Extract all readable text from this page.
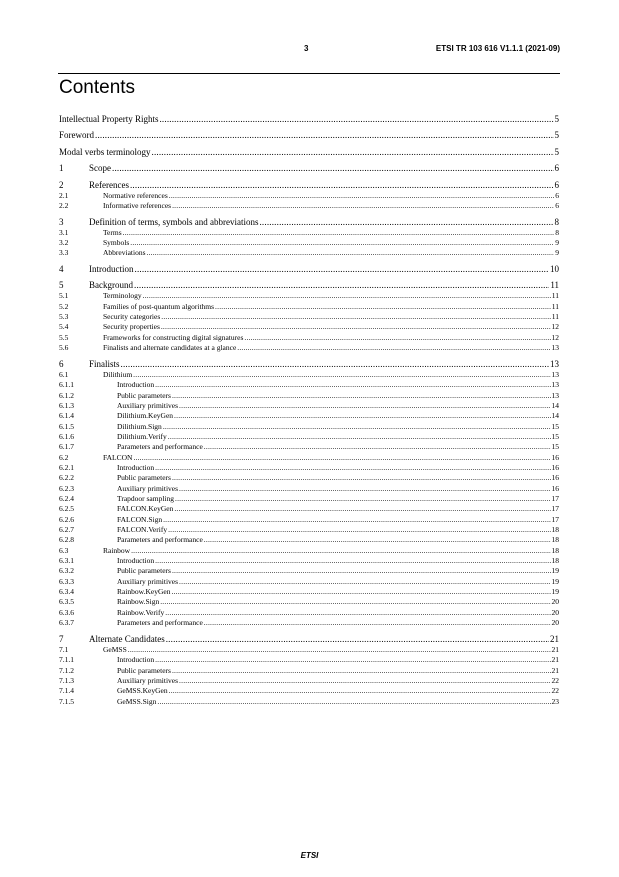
3	ETSI TR 103 616 V1.1.1 (2021-09)
Contents
Intellectual Property Rights .....	5
Foreword .....	5
Modal verbs terminology .....	5
1	Scope .....	6
2	References .....	6
2.1	Normative references .....	6
2.2	Informative references .....	6
3	Definition of terms, symbols and abbreviations .....	8
3.1	Terms .....	8
3.2	Symbols .....	9
3.3	Abbreviations .....	9
4	Introduction .....	10
5	Background .....	11
5.1	Terminology .....	11
5.2	Families of post-quantum algorithms .....	11
5.3	Security categories .....	11
5.4	Security properties .....	12
5.5	Frameworks for constructing digital signatures .....	12
5.6	Finalists and alternate candidates at a glance .....	13
6	Finalists .....	13
6.1	Dilithium .....	13
6.1.1	Introduction .....	13
6.1.2	Public parameters .....	13
6.1.3	Auxiliary primitives .....	14
6.1.4	Dilithium.KeyGen .....	14
6.1.5	Dilithium.Sign .....	15
6.1.6	Dilithium.Verify .....	15
6.1.7	Parameters and performance .....	15
6.2	FALCON .....	16
6.2.1	Introduction .....	16
6.2.2	Public parameters .....	16
6.2.3	Auxiliary primitives .....	16
6.2.4	Trapdoor sampling .....	17
6.2.5	FALCON.KeyGen .....	17
6.2.6	FALCON.Sign .....	17
6.2.7	FALCON.Verify .....	18
6.2.8	Parameters and performance .....	18
6.3	Rainbow .....	18
6.3.1	Introduction .....	18
6.3.2	Public parameters .....	19
6.3.3	Auxiliary primitives .....	19
6.3.4	Rainbow.KeyGen .....	19
6.3.5	Rainbow.Sign .....	20
6.3.6	Rainbow.Verify .....	20
6.3.7	Parameters and performance .....	20
7	Alternate Candidates .....	21
7.1	GeMSS .....	21
7.1.1	Introduction .....	21
7.1.2	Public parameters .....	21
7.1.3	Auxiliary primitives .....	22
7.1.4	GeMSS.KeyGen .....	22
7.1.5	GeMSS.Sign .....	23
ETSI
